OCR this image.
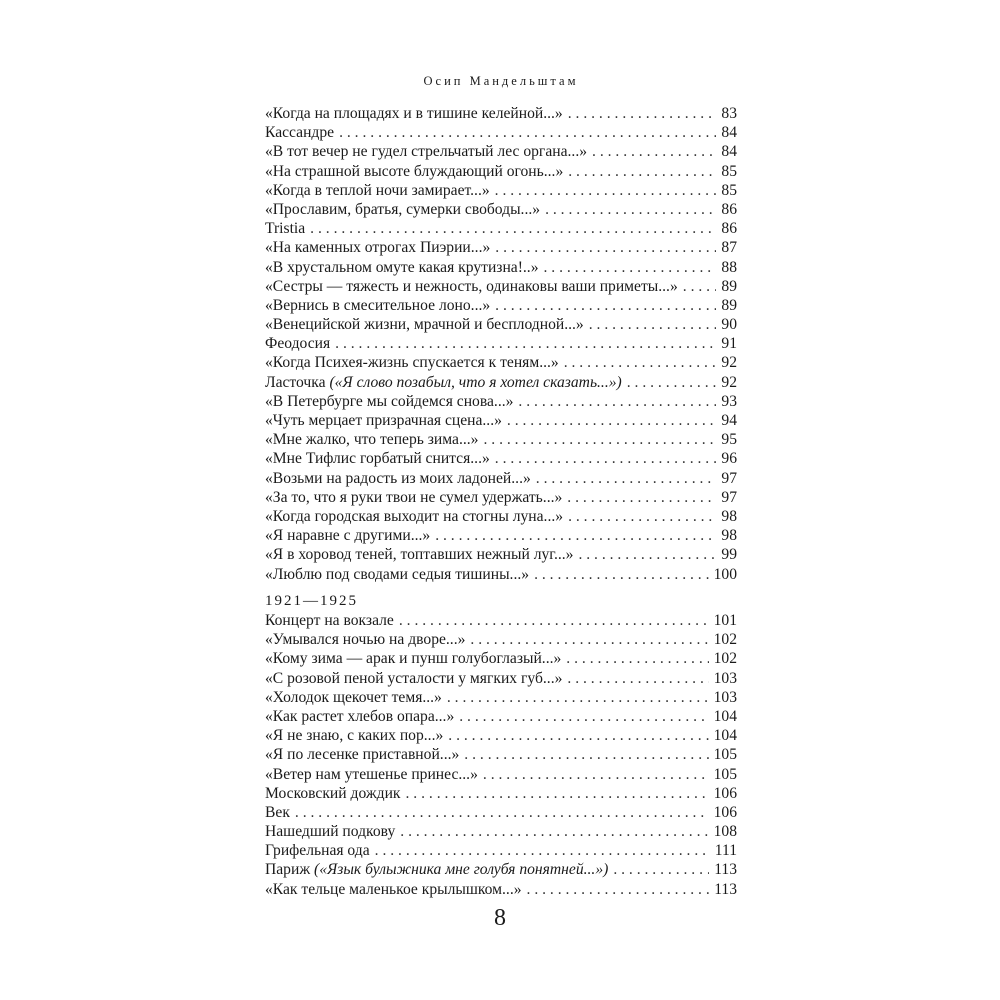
Осип Мандельштам
«Когда на площадях и в тишине келейной...» . . .	83
Кассандре . . .	84
«В тот вечер не гудел стрельчатый лес органа...» . . .	84
«На страшной высоте блуждающий огонь...» . . .	85
«Когда в теплой ночи замирает...» . . .	85
«Прославим, братья, сумерки свободы...» . . .	86
Tristia . . .	86
«На каменных отрогах Пиэрии...» . . .	87
«В хрустальном омуте какая крутизна!..» . . .	88
«Сестры — тяжесть и нежность, одинаковы ваши приметы...» . . .	89
«Вернись в смесительное лоно...» . . .	89
«Венецийской жизни, мрачной и бесплодной...» . . .	90
Феодосия . . .	91
«Когда Психея-жизнь спускается к теням...» . . .	92
Ласточка («Я слово позабыл, что я хотел сказать...») . . .	92
«В Петербурге мы сойдемся снова...» . . .	93
«Чуть мерцает призрачная сцена...» . . .	94
«Мне жалко, что теперь зима...» . . .	95
«Мне Тифлис горбатый снится...» . . .	96
«Возьми на радость из моих ладоней...» . . .	97
«За то, что я руки твои не сумел удержать...» . . .	97
«Когда городская выходит на стогны луна...» . . .	98
«Я наравне с другими...» . . .	98
«Я в хоровод теней, топтавших нежный луг...» . . .	99
«Люблю под сводами седыя тишины...» . . .	100
1921—1925
Концерт на вокзале . . .	101
«Умывался ночью на дворе...» . . .	102
«Кому зима — арак и пунш голубоглазый...» . . .	102
«С розовой пеной усталости у мягких губ...» . . .	103
«Холодок щекочет темя...» . . .	103
«Как растет хлебов опара...» . . .	104
«Я не знаю, с каких пор...» . . .	104
«Я по лесенке приставной...» . . .	105
«Ветер нам утешенье принес...» . . .	105
Московский дождик . . .	106
Век . . .	106
Нашедший подкову . . .	108
Грифельная ода . . .	111
Париж («Язык булыжника мне голубя понятней...») . . .	113
«Как тельце маленькое крылышком...» . . .	113
8
